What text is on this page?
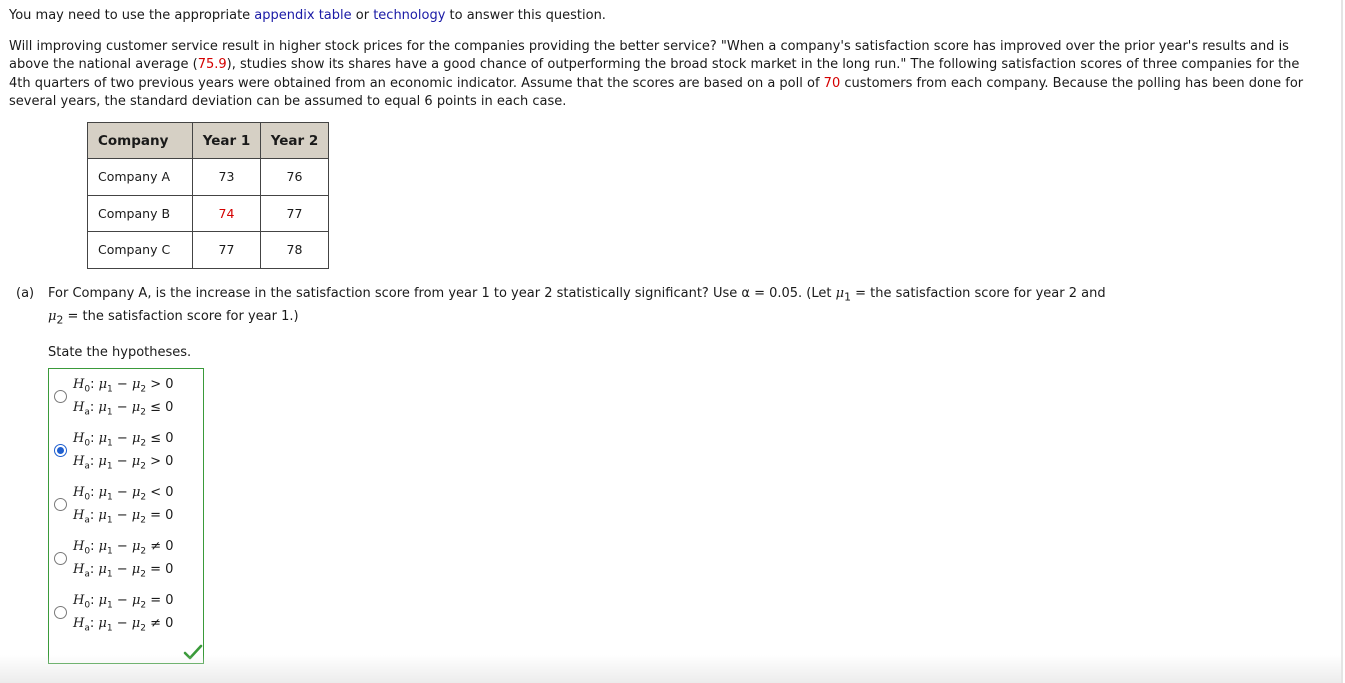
You may need to use the appropriate appendix table or technology to answer this question.

Will improving customer service result in higher stock prices for the companies providing the better service? "When a company's satisfaction score has improved over the prior year's results and is

above the national average (75.9), studies show its shares have a good chance of outperforming the broad stock market in the long run." The following satisfaction scores of three companies for the

4th quarters of two previous years were obtained from an economic indicator. Assume that the scores are based on a poll of 70 customers from each company. Because the polling has been done for

several years, the standard deviation can be assumed to equal 6 points in each case.

Company	Year 1	Year 2
Company A	73	76
Company B	74	77
Company C	77	78
(a) For Company A, is the increase in the satisfaction score from year 1 to year 2 statistically significant? Use α = 0.05. (Let $\mu_1$ = the satisfaction score for year 2 and
$\mu_2$ = the satisfaction score for year 1.)
State the hypotheses.
$H_0$: $\mu_1 - \mu_2 > 0$
$H_a$: $\mu_1 - \mu_2 \le 0$
$H_0$: $\mu_1 - \mu_2 \le 0$
$H_a$: $\mu_1 - \mu_2 > 0$
$H_0$: $\mu_1 - \mu_2 < 0$
$H_a$: $\mu_1 - \mu_2 = 0$
$H_0$: $\mu_1 - \mu_2 \ne 0$
$H_a$: $\mu_1 - \mu_2 = 0$
$H_0$: $\mu_1 - \mu_2 = 0$
$H_a$: $\mu_1 - \mu_2 \ne 0$
